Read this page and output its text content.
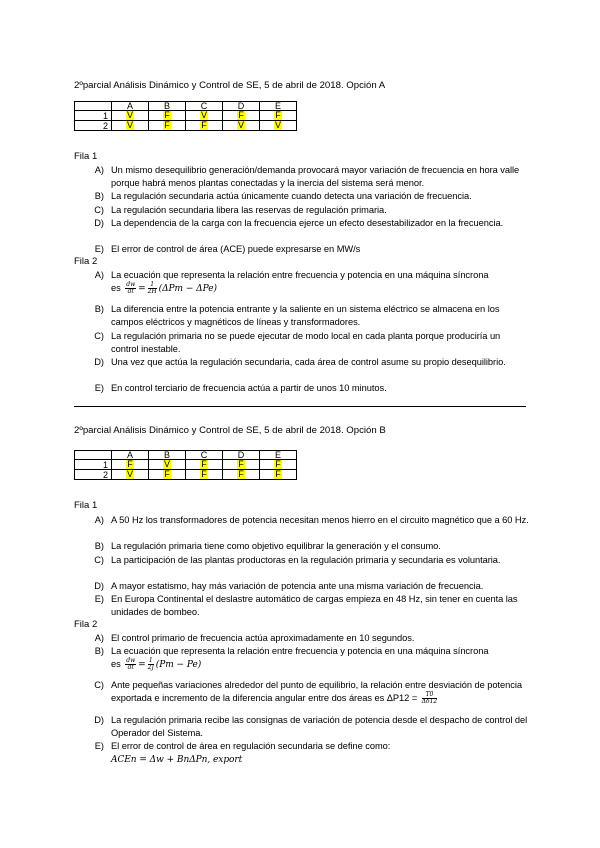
2ºparcial Análisis Dinámico y Control de SE, 5 de abril de 2018. Opción A
	A	B	C	D	E
1	V	F	V	F	F
2	V	F	F	V	V
Fila 1
A) Un mismo desequilibrio generación/demanda provocará mayor variación de frecuencia en hora valle porque habrá menos plantas conectadas y la inercia del sistema será menor.
B) La regulación secundaria actúa únicamente cuando detecta una variación de frecuencia.
C) La regulación secundaria libera las reservas de regulación primaria.
D) La dependencia de la carga con la frecuencia ejerce un efecto desestabilizador en la frecuencia.
E) El error de control de área (ACE) puede expresarse en MW/s
Fila 2
A) La ecuación que representa la relación entre frecuencia y potencia en una máquina síncrona
es $\frac{dw}{dt} = \frac{1}{2H} (\Delta Pm - \Delta Pe)$
B) La diferencia entre la potencia entrante y la saliente en un sistema eléctrico se almacena en los campos eléctricos y magnéticos de líneas y transformadores.
C) La regulación primaria no se puede ejecutar de modo local en cada planta porque produciría un control inestable.
D) Una vez que actúa la regulación secundaria, cada área de control asume su propio desequilibrio.
E) En control terciario de frecuencia actúa a partir de unos 10 minutos.
2ºparcial Análisis Dinámico y Control de SE, 5 de abril de 2018. Opción B
	A	B	C	D	E
1	F	V	F	F	F
2	V	F	F	F	F
Fila 1
A) A 50 Hz los transformadores de potencia necesitan menos hierro en el circuito magnético que a 60 Hz.
B) La regulación primaria tiene como objetivo equilibrar la generación y el consumo.
C) La participación de las plantas productoras en la regulación primaria y secundaria es voluntaria.
D) A mayor estatismo, hay más variación de potencia ante una misma variación de frecuencia.
E) En Europa Continental el deslastre automático de cargas empieza en 48 Hz, sin tener en cuenta las unidades de bombeo.
Fila 2
A) El control primario de frecuencia actúa aproximadamente en 10 segundos.
B) La ecuación que representa la relación entre frecuencia y potencia en una máquina síncrona
es $\frac{dw}{dt} = \frac{1}{2J} (Pm - Pe)$
C) Ante pequeñas variaciones alrededor del punto de equilibrio, la relación entre desviación de potencia exportada e incremento de la diferencia angular entre dos áreas es $\Delta P12 = \frac{T0}{\Delta\delta 12}$
D) La regulación primaria recibe las consignas de variación de potencia desde el despacho de control del Operador del Sistema.
E) El error de control de área en regulación secundaria se define como:
ACEn = Δw + BnΔPn, export
